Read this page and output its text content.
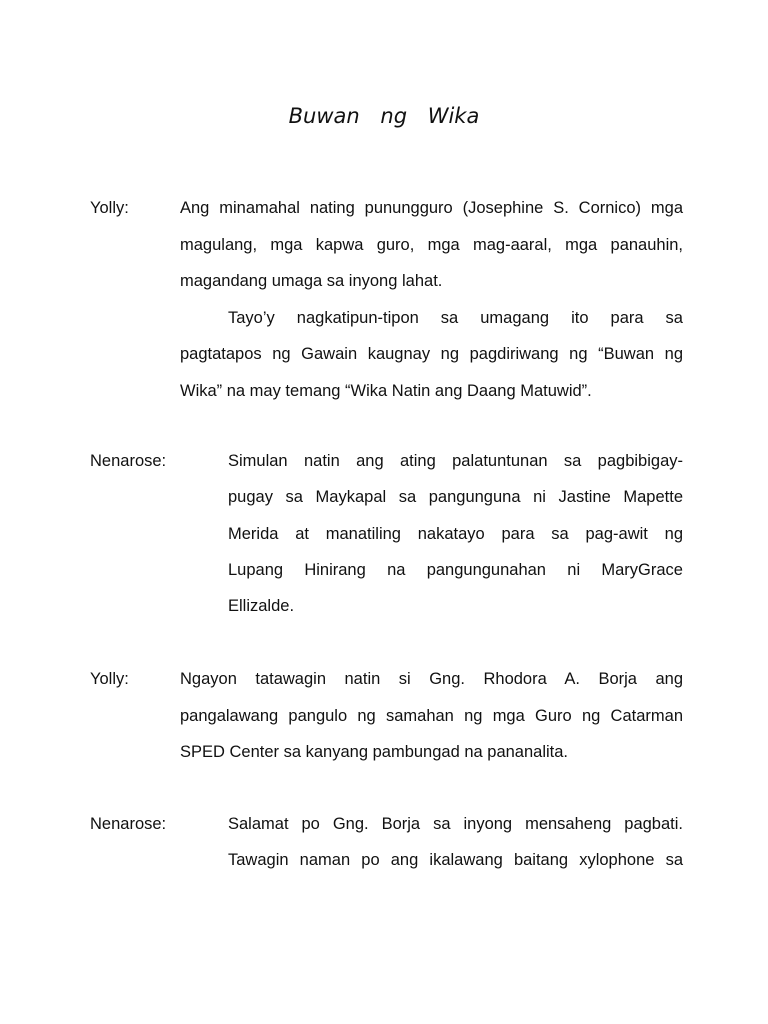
Buwan ng Wika
Yolly:	Ang minamahal nating punungguro (Josephine S. Cornico) mga
magulang, mga kapwa guro, mga mag-aaral, mga panauhin,
magandang umaga sa inyong lahat.
Tayo’y nagkatipun-tipon sa umagang ito para sa
pagtatapos ng Gawain kaugnay ng pagdiriwang ng “Buwan ng
Wika” na may temang “Wika Natin ang Daang Matuwid”.
Nenarose:	Simulan natin ang ating palatuntunan sa pagbibigay-
pugay sa Maykapal sa pangunguna ni Jastine Mapette
Merida at manatiling nakatayo para sa pag-awit ng
Lupang Hinirang na pangungunahan ni MaryGrace
Ellizalde.
Yolly:	Ngayon tatawagin natin si Gng. Rhodora A. Borja ang
pangalawang pangulo ng samahan ng mga Guro ng Catarman
SPED Center sa kanyang pambungad na pananalita.
Nenarose:	Salamat po Gng. Borja sa inyong mensaheng pagbati.
Tawagin naman po ang ikalawang baitang xylophone sa
